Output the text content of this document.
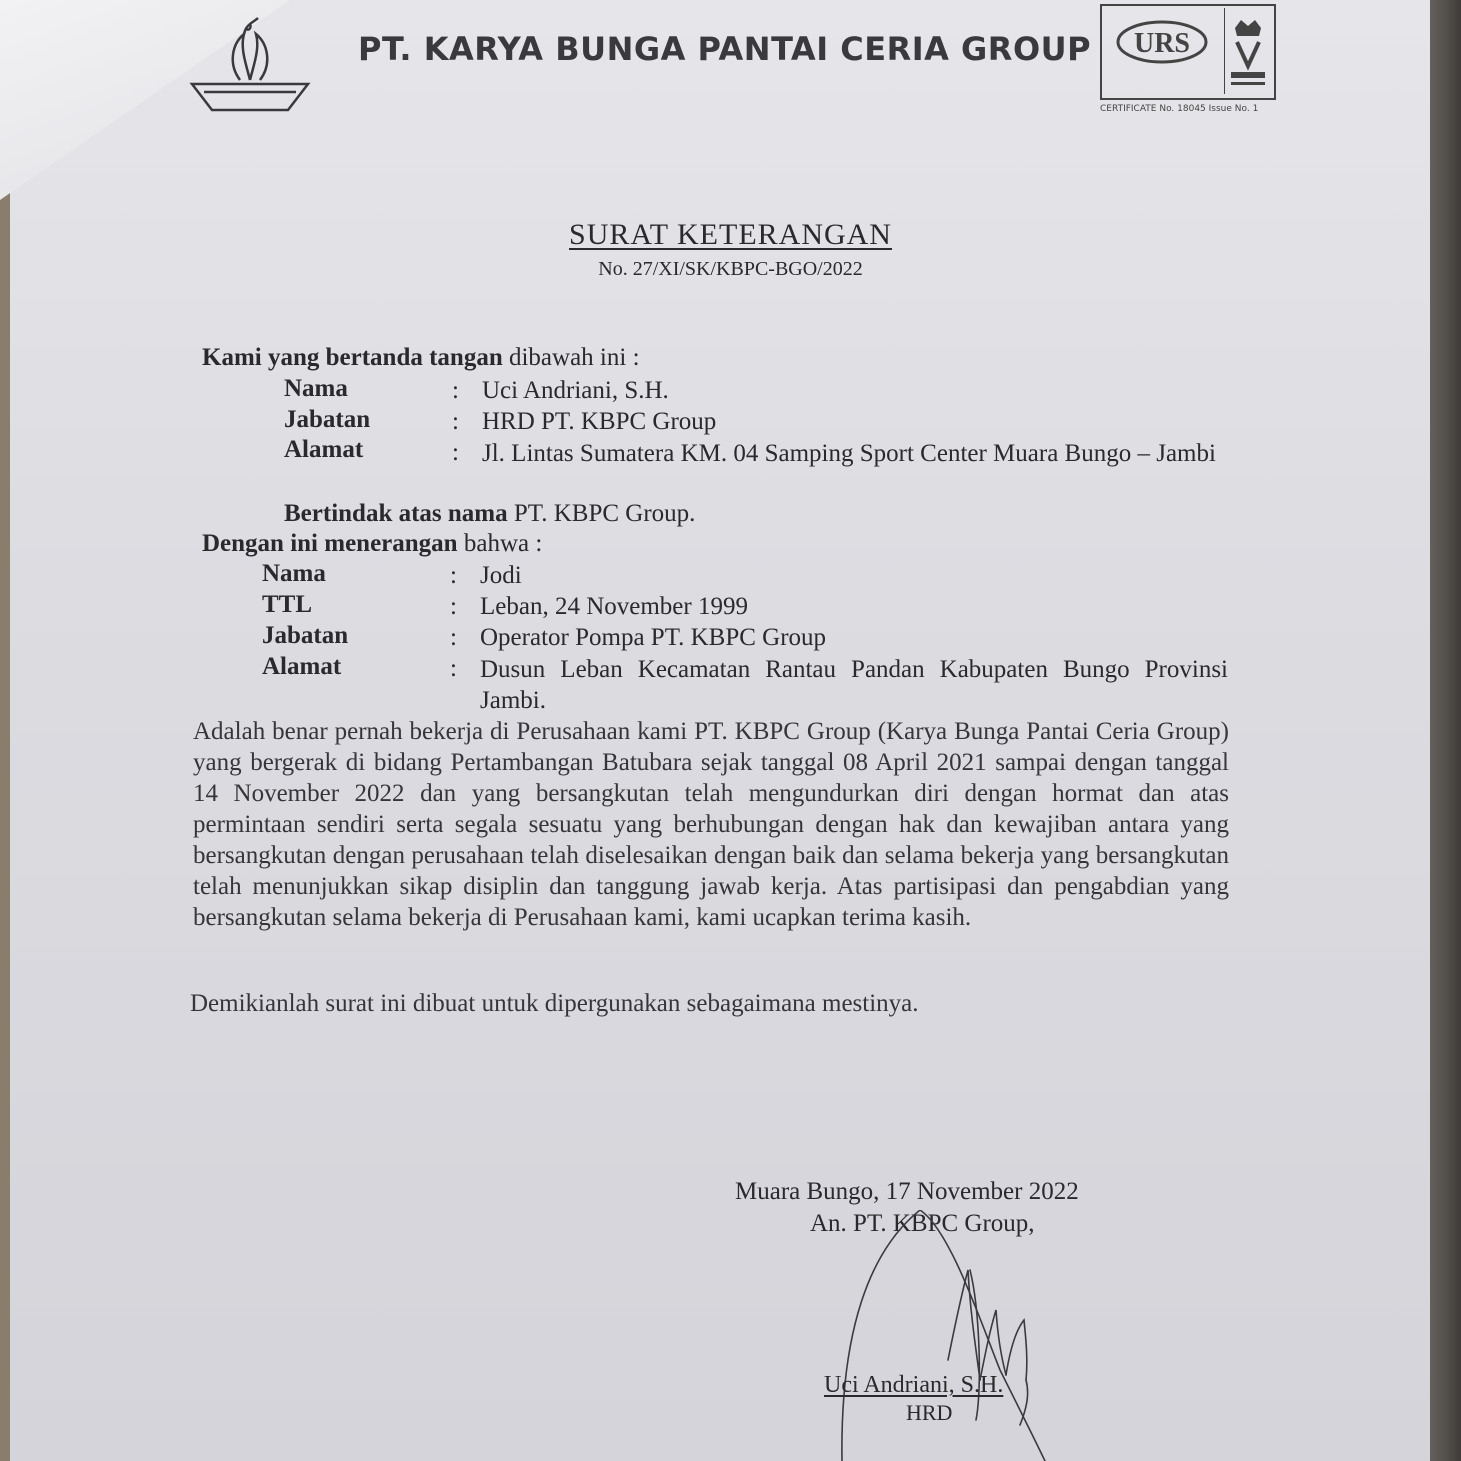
PT. KARYA BUNGA PANTAI CERIA GROUP URS
CERTIFICATE No. 18045 Issue No. 1
SURAT KETERANGAN
No. 27/XI/SK/KBPC-BGO/2022
Kami yang bertanda tangan dibawah ini :
Nama	: Uci Andriani, S.H.
Jabatan	: HRD PT. KBPC Group
Alamat	: Jl. Lintas Sumatera KM. 04 Samping Sport Center Muara Bungo – Jambi
Bertindak atas nama PT. KBPC Group.
Dengan ini menerangan bahwa :
Nama	: Jodi
TTL	: Leban, 24 November 1999
Jabatan	: Operator Pompa PT. KBPC Group
Alamat	: Dusun Leban Kecamatan Rantau Pandan Kabupaten Bungo Provinsi Jambi.
Adalah benar pernah bekerja di Perusahaan kami PT. KBPC Group (Karya Bunga Pantai Ceria Group) yang bergerak di bidang Pertambangan Batubara sejak tanggal 08 April 2021 sampai dengan tanggal 14 November 2022 dan yang bersangkutan telah mengundurkan diri dengan hormat dan atas permintaan sendiri serta segala sesuatu yang berhubungan dengan hak dan kewajiban antara yang bersangkutan dengan perusahaan telah diselesaikan dengan baik dan selama bekerja yang bersangkutan telah menunjukkan sikap disiplin dan tanggung jawab kerja. Atas partisipasi dan pengabdian yang bersangkutan selama bekerja di Perusahaan kami, kami ucapkan terima kasih.
Demikianlah surat ini dibuat untuk dipergunakan sebagaimana mestinya.
Muara Bungo, 17 November 2022
An. PT. KBPC Group,
Uci Andriani, S.H.
HRD
